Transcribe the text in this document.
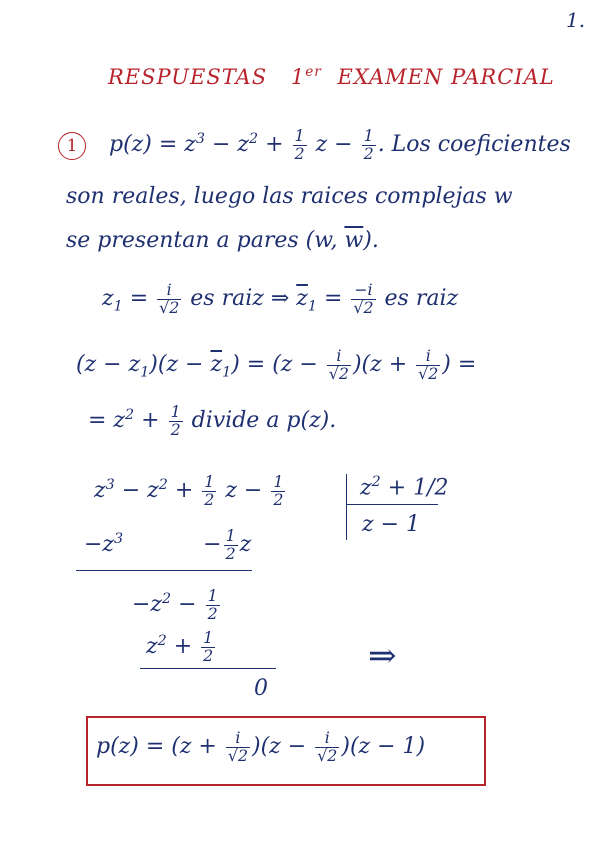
1.
RESPUESTAS 1er EXAMEN PARCIAL
1 $p(z) = z^3 - z^2 + \frac{1}{2}$ $z - \frac{1}{2}$ . Los coeficientes
son reales, luego las raices complejas w
se presentan a pares (w, $\overline{w}$).
$z_1 = \frac{i}{√2}$ es raiz ⇒ $\overline{z}_1 = \frac{-i}{√2}$ es raiz
$(z - z_1)(z - \overline{z}_1) = (z - \frac{i}{√2} )(z + \frac{i}{√2}$ ) =
= $z^2 + \frac{1}{2}$ divide a p(z).
$z^3 - z^2 + \frac{1}{2}$ $z - \frac{1}{2}$	$z^2 + 1/2$
z − 1
$-z^3$	− $\frac{1}{2}$ z
$-z^2 - \frac{1}{2}$
$z^2 + \frac{1}{2}$
0
⇒
$p(z) = (z + \frac{i}{√2} )(z - \frac{i}{√2} )(z - 1)$
